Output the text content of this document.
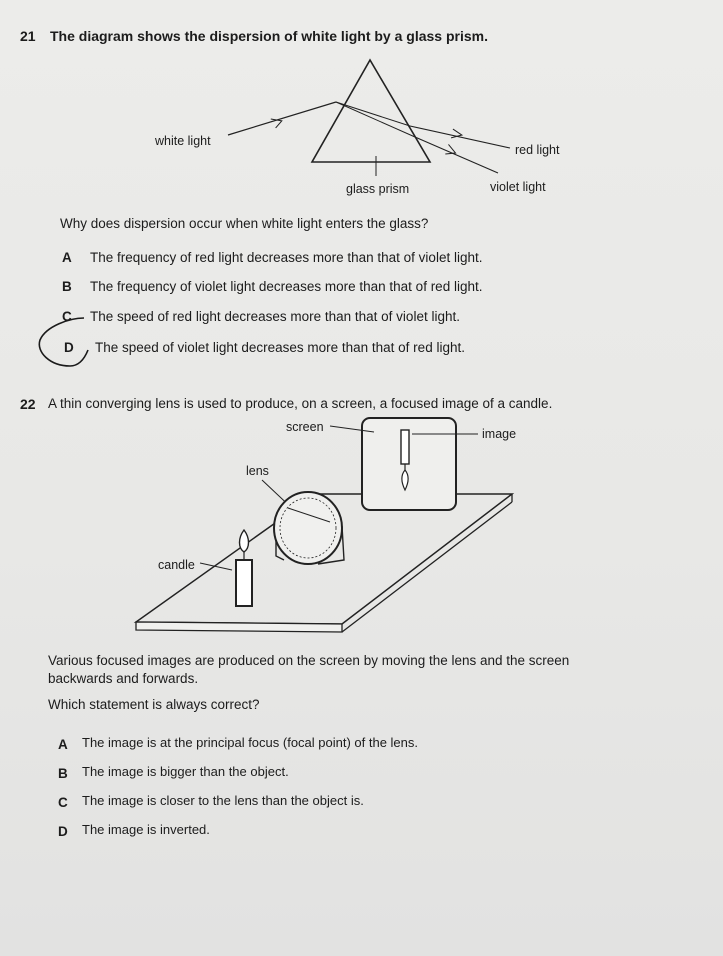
21 The diagram shows the dispersion of white light by a glass prism.
white light
red light
violet light
glass prism
Why does dispersion occur when white light enters the glass?
A The frequency of red light decreases more than that of violet light.
B The frequency of violet light decreases more than that of red light.
C The speed of red light decreases more than that of violet light.
D The speed of violet light decreases more than that of red light.
22 A thin converging lens is used to produce, on a screen, a focused image of a candle.
screen	image
lens
candle
Various focused images are produced on the screen by moving the lens and the screen
backwards and forwards.
Which statement is always correct?
A The image is at the principal focus (focal point) of the lens.
B The image is bigger than the object.
C The image is closer to the lens than the object is.
D The image is inverted.
